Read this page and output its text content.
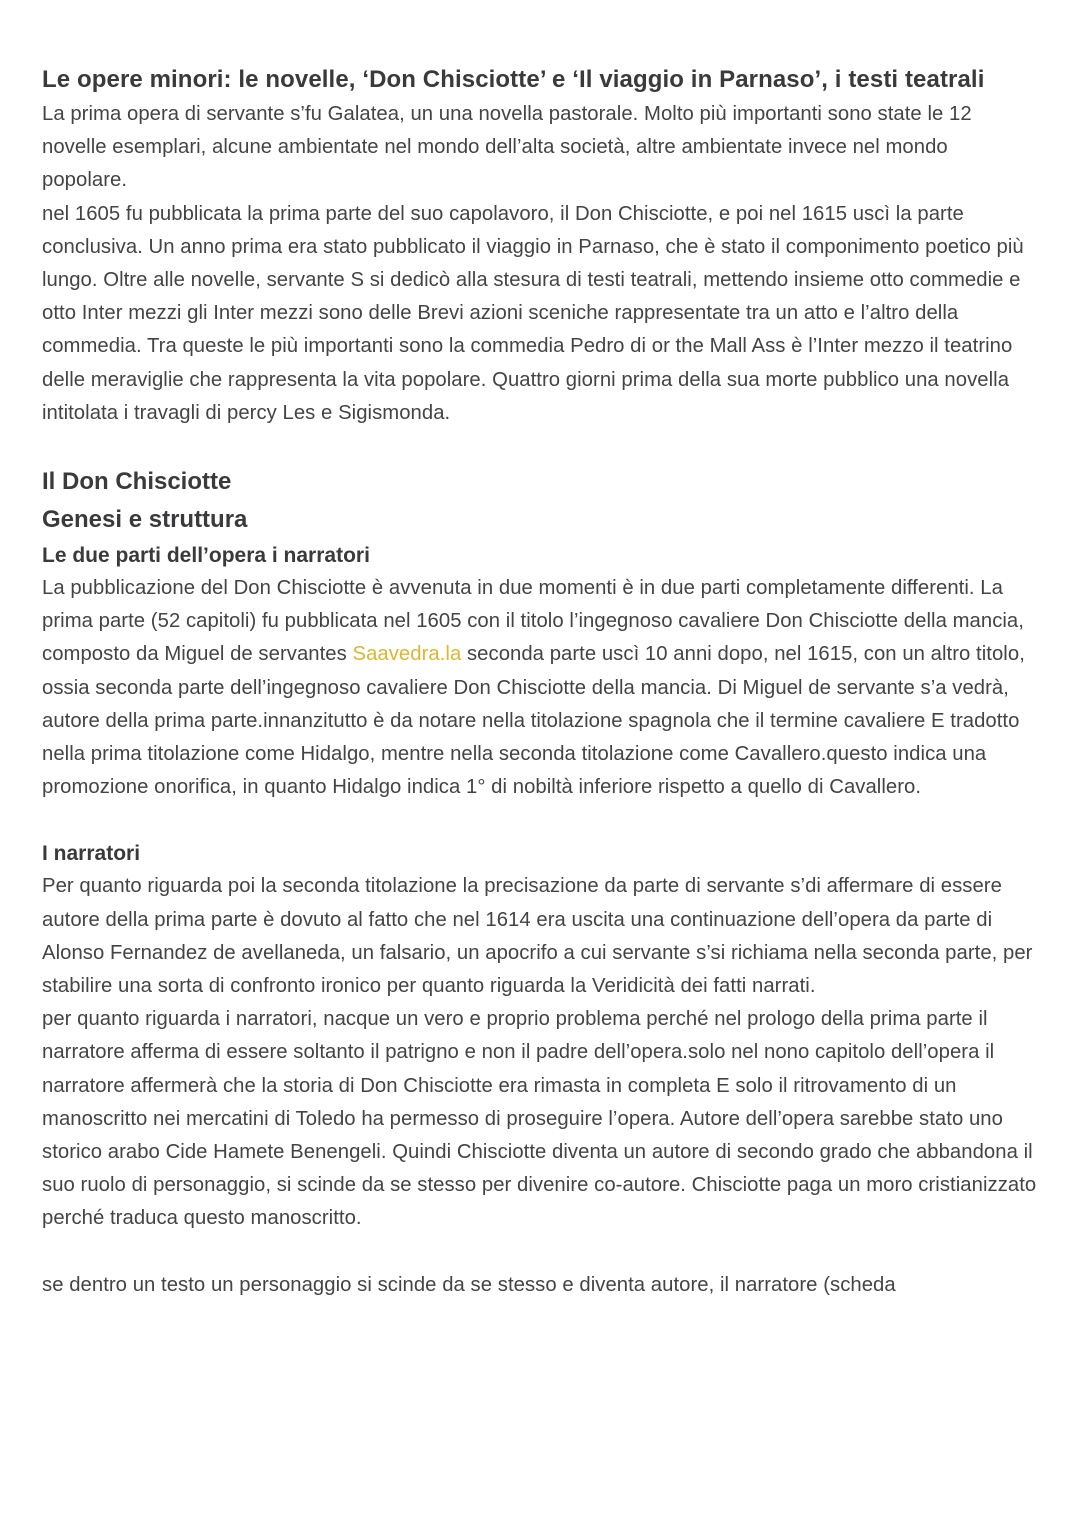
Le opere minori: le novelle, ‘Don Chisciotte’ e ‘Il viaggio in Parnaso’, i testi teatrali

La prima opera di servante s’fu Galatea, un una novella pastorale. Molto più importanti sono state le 12 novelle esemplari, alcune ambientate nel mondo dell’alta società, altre ambientate invece nel mondo popolare.

nel 1605 fu pubblicata la prima parte del suo capolavoro, il Don Chisciotte, e poi nel 1615 uscì la parte conclusiva. Un anno prima era stato pubblicato il viaggio in Parnaso, che è stato il componimento poetico più lungo. Oltre alle novelle, servante S si dedicò alla stesura di testi teatrali, mettendo insieme otto commedie e otto Inter mezzi gli Inter mezzi sono delle Brevi azioni sceniche rappresentate tra un atto e l’altro della commedia. Tra queste le più importanti sono la commedia Pedro di or the Mall Ass è l’Inter mezzo il teatrino delle meraviglie che rappresenta la vita popolare. Quattro giorni prima della sua morte pubblico una novella intitolata i travagli di percy Les e Sigismonda.

Il Don Chisciotte
Genesi e struttura
Le due parti dell’opera i narratori

La pubblicazione del Don Chisciotte è avvenuta in due momenti è in due parti completamente differenti. La prima parte (52 capitoli) fu pubblicata nel 1605 con il titolo l’ingegnoso cavaliere Don Chisciotte della mancia, composto da Miguel de servantes Saavedra.la seconda parte uscì 10 anni dopo, nel 1615, con un altro titolo, ossia seconda parte dell’ingegnoso cavaliere Don Chisciotte della mancia. Di Miguel de servante s’a vedrà, autore della prima parte.innanzitutto è da notare nella titolazione spagnola che il termine cavaliere E tradotto nella prima titolazione come Hidalgo, mentre nella seconda titolazione come Cavallero.questo indica una promozione onorifica, in quanto Hidalgo indica 1° di nobiltà inferiore rispetto a quello di Cavallero.

I narratori

Per quanto riguarda poi la seconda titolazione la precisazione da parte di servante s’di affermare di essere autore della prima parte è dovuto al fatto che nel 1614 era uscita una continuazione dell’opera da parte di Alonso Fernandez de avellaneda, un falsario, un apocrifo a cui servante s’si richiama nella seconda parte, per stabilire una sorta di confronto ironico per quanto riguarda la Veridicità dei fatti narrati.

per quanto riguarda i narratori, nacque un vero e proprio problema perché nel prologo della prima parte il narratore afferma di essere soltanto il patrigno e non il padre dell’opera.solo nel nono capitolo dell’opera il narratore affermerà che la storia di Don Chisciotte era rimasta in completa E solo il ritrovamento di un manoscritto nei mercatini di Toledo ha permesso di proseguire l’opera. Autore dell’opera sarebbe stato uno storico arabo Cide Hamete Benengeli. Quindi Chisciotte diventa un autore di secondo grado che abbandona il suo ruolo di personaggio, si scinde da se stesso per divenire co-autore. Chisciotte paga un moro cristianizzato perché traduca questo manoscritto.

se dentro un testo un personaggio si scinde da se stesso e diventa autore, il narratore (scheda
